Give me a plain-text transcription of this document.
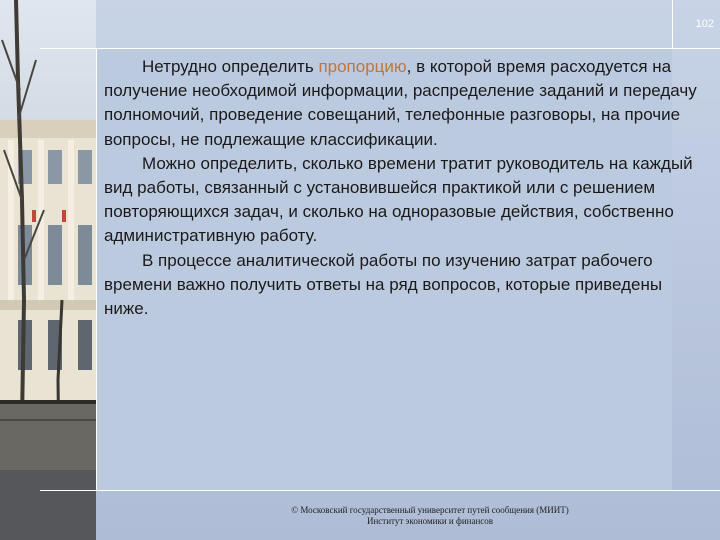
102

Нетрудно определить пропорцию, в которой время расходуется на получение необходимой информации, распределение заданий и передачу полномочий, проведение совещаний, телефонные разговоры, на прочие вопросы, не подлежащие классификации.

Можно определить, сколько времени тратит руководитель на каждый вид работы, связанный с установившейся практикой или с решением повторяющихся задач, и сколько на одноразовые действия, собственно административную работу.

В процессе аналитической работы по изучению затрат рабочего времени важно получить ответы на ряд вопросов, которые приведены ниже.

© Московский государственный университет путей сообщения (МИИТ)
Институт экономики и финансов
